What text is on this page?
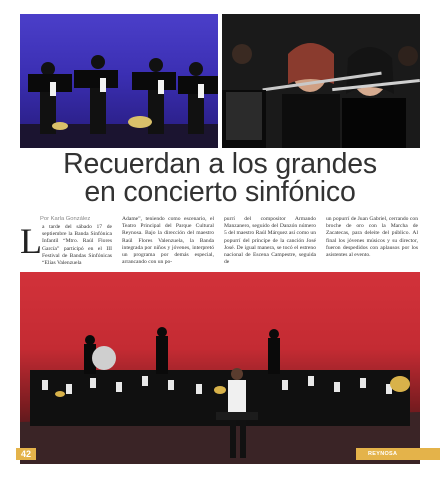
Recuerdan a los grandes
en concierto sinfónico
Por Karla González
L a tarde del sábado 17 de septiembre la Banda Sinfónica Infantil “Mtro. Raúl Flores García” participó en el III Festival de Bandas Sinfónicas “Elías Valenzuela

Adame”, teniendo como escenario, el Teatro Principal del Parque Cultural Reynosa. Bajo la dirección del maestro Raúl Flores Valenzuela, la Banda integrada por niños y jóvenes, interpretó un programa por demás especial, arrancando con un po-

purrí del compositor Armando Manzanero, seguido del Danzón número 5 del maestro Raúl Márquez así como un popurrí del príncipe de la canción José José. De igual manera, se tocó el estreno nacional de Escena Campestre, seguida de

un popurrí de Juan Gabriel, cerrando con broche de oro con la Marcha de Zacatecas, para deleite del público. Al final los jóvenes músicos y su director, fueron despedidos con aplausos por los asistentes al evento.

42	REYNOSA
